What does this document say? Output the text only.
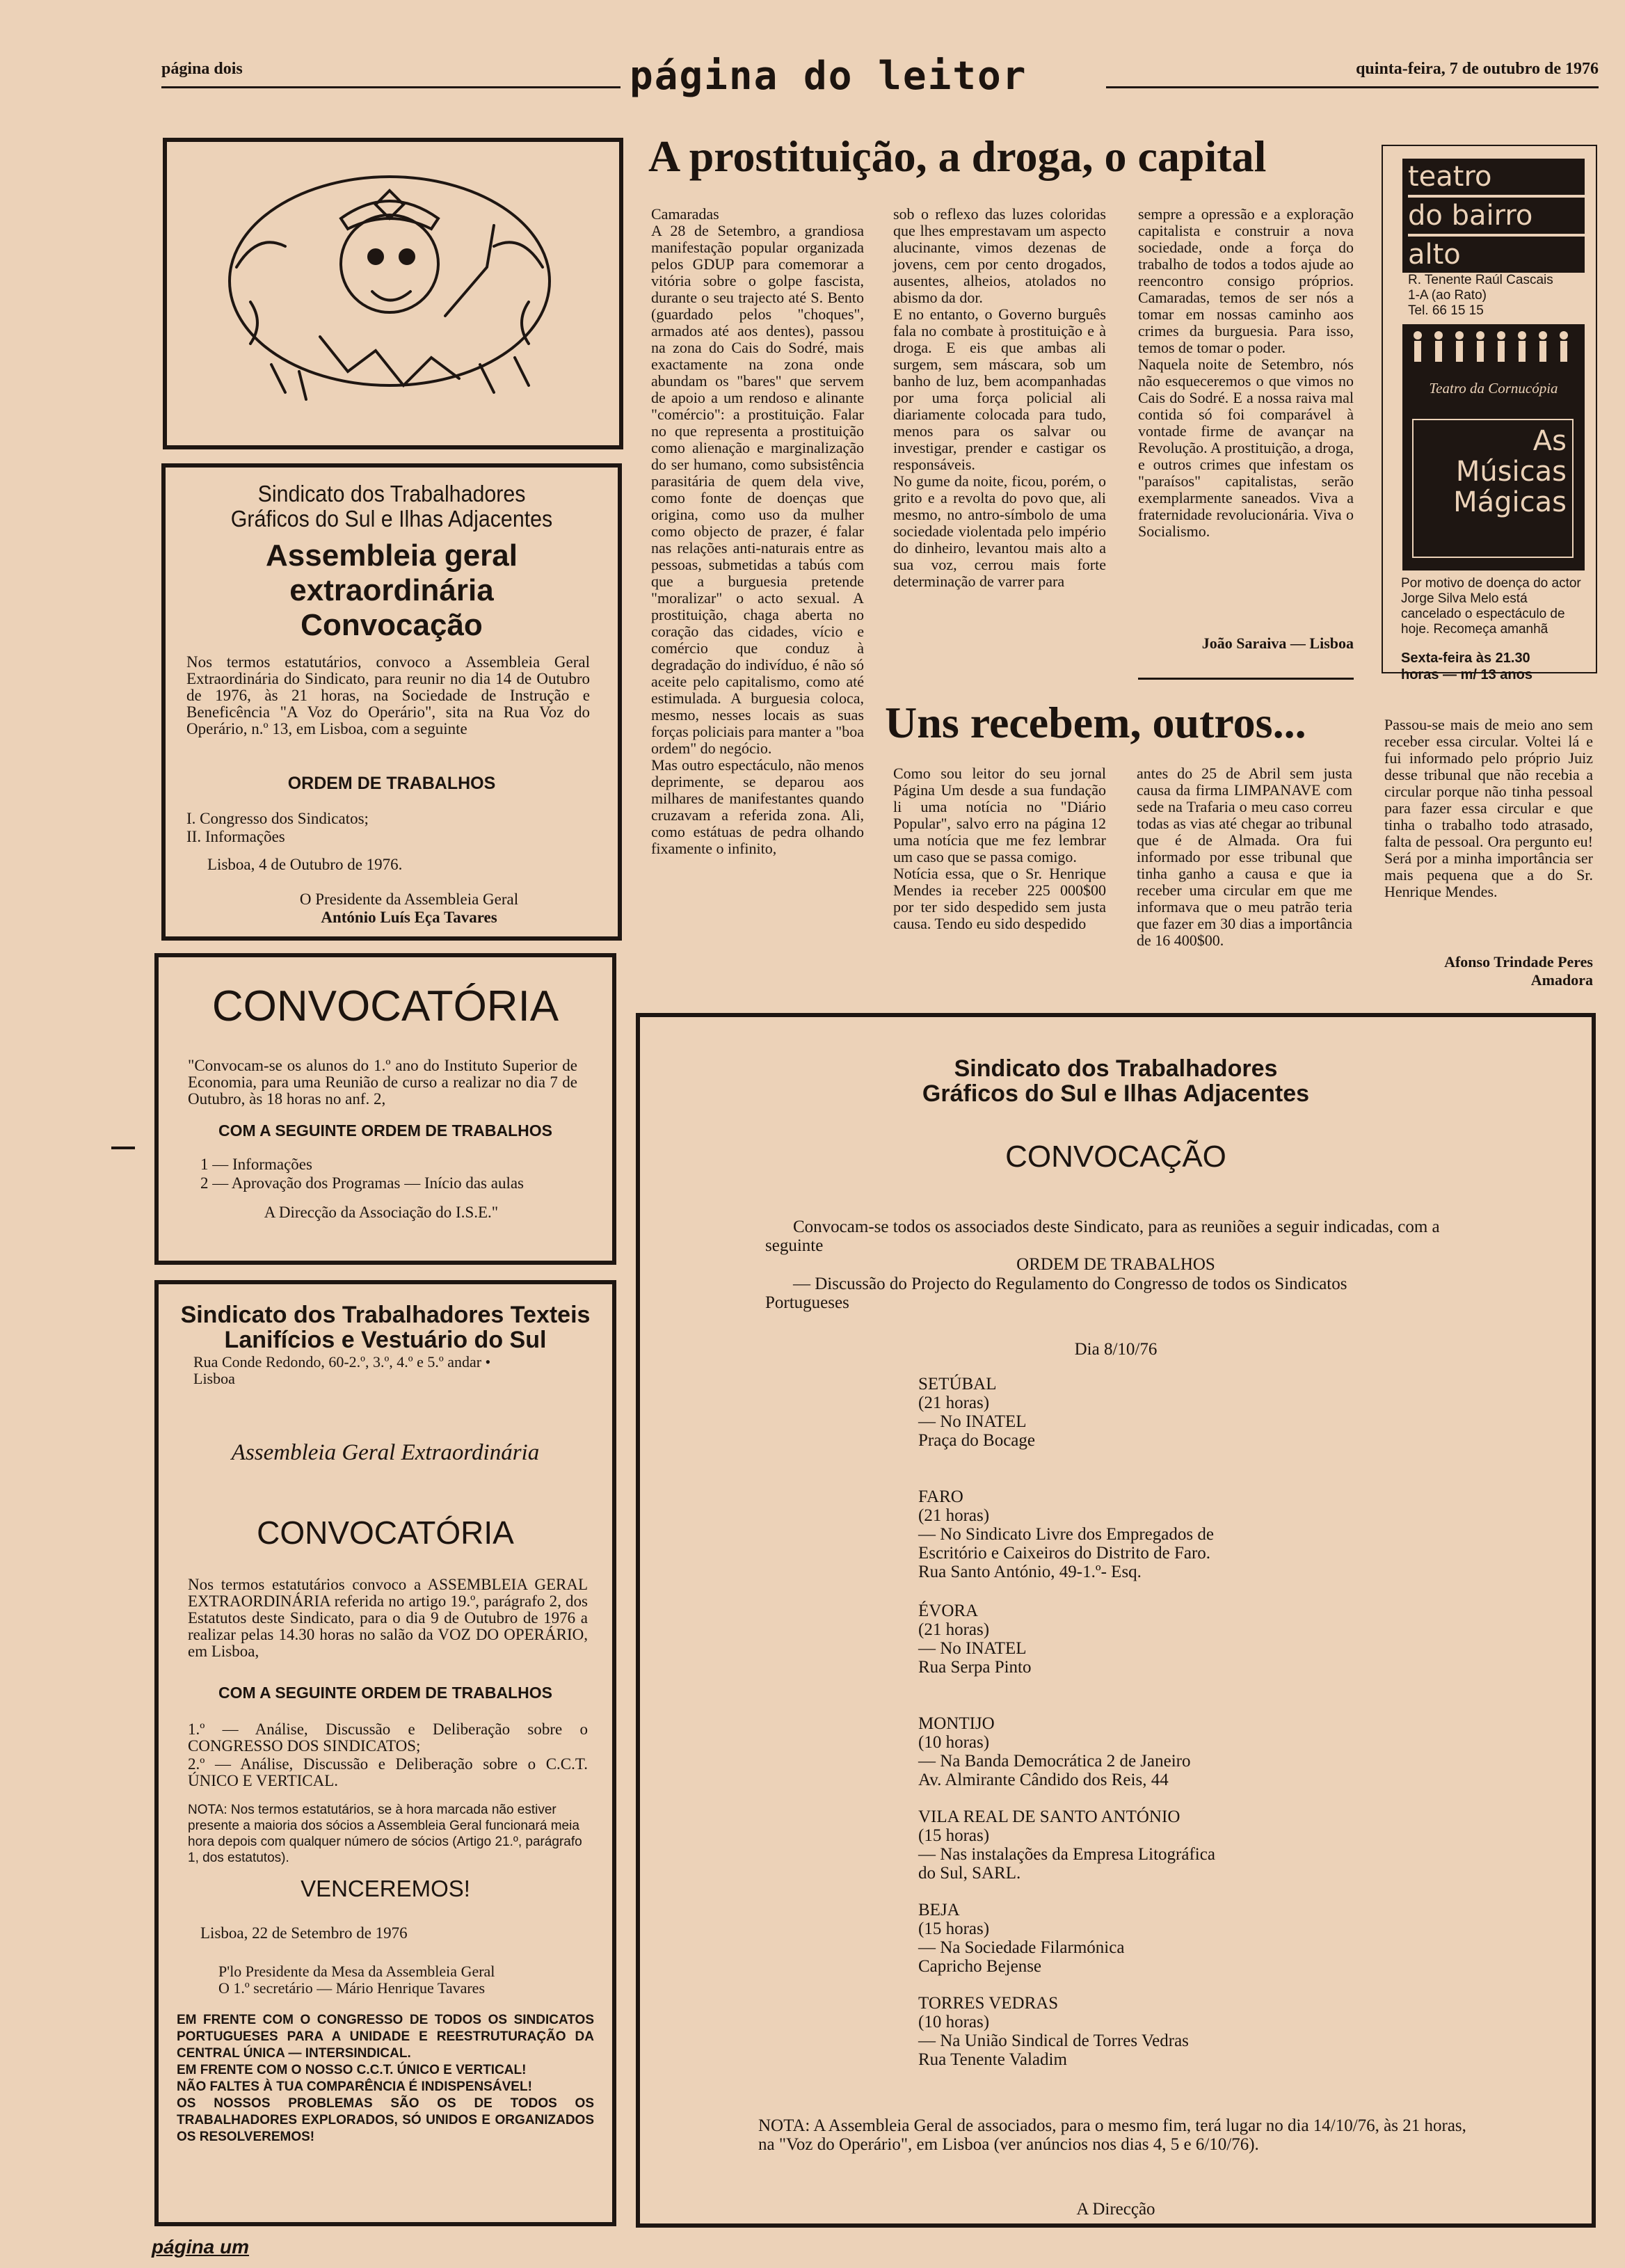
página dois	página do leitor	quinta-feira, 7 de outubro de 1976
Sindicato dos Trabalhadores
Gráficos do Sul e Ilhas Adjacentes
Assembleia geral
extraordinária
Convocação
Nos termos estatutários, convoco a Assembleia Geral Extraordinária do Sindicato, para reunir no dia 14 de Outubro de 1976, às 21 horas, na Sociedade de Instrução e Beneficência "A Voz do Operário", sita na Rua Voz do Operário, n.º 13, em Lisboa, com a seguinte
ORDEM DE TRABALHOS
I. Congresso dos Sindicatos;
II. Informações
Lisboa, 4 de Outubro de 1976.
O Presidente da Assembleia Geral
António Luís Eça Tavares
CONVOCATÓRIA
"Convocam-se os alunos do 1.º ano do Instituto Superior de Economia, para uma Reunião de curso a realizar no dia 7 de Outubro, às 18 horas no anf. 2,
COM A SEGUINTE ORDEM DE TRABALHOS
1 — Informações
2 — Aprovação dos Programas — Início das aulas
A Direcção da Associação do I.S.E."
Sindicato dos Trabalhadores Texteis
Lanifícios e Vestuário do Sul
Rua Conde Redondo, 60-2.º, 3.º, 4.º e 5.º andar •
Lisboa
Assembleia Geral Extraordinária
CONVOCATÓRIA
Nos termos estatutários convoco a ASSEMBLEIA GERAL EXTRAORDINÁRIA referida no artigo 19.º, parágrafo 2, dos Estatutos deste Sindicato, para o dia 9 de Outubro de 1976 a realizar pelas 14.30 horas no salão da VOZ DO OPERÁRIO, em Lisboa,
COM A SEGUINTE ORDEM DE TRABALHOS
1.º — Análise, Discussão e Deliberação sobre o CONGRESSO DOS SINDICATOS;
2.º — Análise, Discussão e Deliberação sobre o C.C.T. ÚNICO E VERTICAL.
NOTA: Nos termos estatutários, se à hora marcada não estiver presente a maioria dos sócios a Assembleia Geral funcionará meia hora depois com qualquer número de sócios (Artigo 21.º, parágrafo 1, dos estatutos).
VENCEREMOS!
Lisboa, 22 de Setembro de 1976
P'lo Presidente da Mesa da Assembleia Geral
O 1.º secretário — Mário Henrique Tavares
EM FRENTE COM O CONGRESSO DE TODOS OS SINDICATOS PORTUGUESES PARA A UNIDADE E REESTRUTURAÇÃO DA CENTRAL ÚNICA — INTERSINDICAL.
EM FRENTE COM O NOSSO C.C.T. ÚNICO E VERTICAL!
NÃO FALTES À TUA COMPARÊNCIA É INDISPENSÁVEL!
OS NOSSOS PROBLEMAS SÃO OS DE TODOS OS TRABALHADORES EXPLORADOS, SÓ UNIDOS E ORGANIZADOS OS RESOLVEREMOS!
página um
A prostituição, a droga, o capital
Camaradas
A 28 de Setembro, a grandiosa manifestação popular organizada pelos GDUP para comemorar a vitória sobre o golpe fascista, durante o seu trajecto até S. Bento (guardado pelos "choques", armados até aos dentes), passou na zona do Cais do Sodré, mais exactamente na zona onde abundam os "bares" que servem de apoio a um rendoso e alinante "comércio": a prostituição. Falar no que representa a prostituição como alienação e marginalização do ser humano, como subsistência parasitária de quem dela vive, como fonte de doenças que origina, como uso da mulher como objecto de prazer, é falar nas relações anti-naturais entre as pessoas, submetidas a tabús com que a burguesia pretende "moralizar" o acto sexual. A prostituição, chaga aberta no coração das cidades, vício e comércio que conduz à degradação do indivíduo, é não só aceite pelo capitalismo, como até estimulada. A burguesia coloca, mesmo, nesses locais as suas forças policiais para manter a "boa ordem" do negócio.
Mas outro espectáculo, não menos deprimente, se deparou aos milhares de manifestantes quando cruzavam a referida zona. Ali, como estátuas de pedra olhando fixamente o infinito,
sob o reflexo das luzes coloridas que lhes emprestavam um aspecto alucinante, vimos dezenas de jovens, cem por cento drogados, ausentes, alheios, atolados no abismo da dor.
E no entanto, o Governo burguês fala no combate à prostituição e à droga. E eis que ambas ali surgem, sem máscara, sob um banho de luz, bem acompanhadas por uma força policial ali diariamente colocada para tudo, menos para os salvar ou investigar, prender e castigar os responsáveis.
No gume da noite, ficou, porém, o grito e a revolta do povo que, ali mesmo, no antro-símbolo de uma sociedade violentada pelo império do dinheiro, levantou mais alto a sua voz, cerrou mais forte determinação de varrer para
sempre a opressão e a exploração capitalista e construir a nova sociedade, onde a força do trabalho de todos a todos ajude ao reencontro consigo próprios. Camaradas, temos de ser nós a tomar em nossas caminho aos crimes da burguesia. Para isso, temos de tomar o poder.
Naquela noite de Setembro, nós não esqueceremos o que vimos no Cais do Sodré. E a nossa raiva mal contida só foi comparável à vontade firme de avançar na Revolução. A prostituição, a droga, e outros crimes que infestam os "paraísos" capitalistas, serão exemplarmente saneados. Viva a fraternidade revolucionária. Viva o Socialismo.
João Saraiva — Lisboa
teatro
do bairro
alto
R. Tenente Raúl Cascais
1-A (ao Rato)
Tel. 66 15 15
Teatro da Cornucópia
As
Músicas
Mágicas
Por motivo de doença do actor Jorge Silva Melo está cancelado o espectáculo de hoje. Recomeça amanhã
Sexta-feira às 21.30
horas — m/ 13 anos
Uns recebem, outros...
Como sou leitor do seu jornal Página Um desde a sua fundação li uma notícia no "Diário Popular", salvo erro na página 12 uma notícia que me fez lembrar um caso que se passa comigo.
Notícia essa, que o Sr. Henrique Mendes ia receber 225 000$00 por ter sido despedido sem justa causa. Tendo eu sido despedido
antes do 25 de Abril sem justa causa da firma LIMPANAVE com sede na Trafaria o meu caso correu todas as vias até chegar ao tribunal que é de Almada. Ora fui informado por esse tribunal que tinha ganho a causa e que ia receber uma circular em que me informava que o meu patrão teria que fazer em 30 dias a importância de 16 400$00.
Passou-se mais de meio ano sem receber essa circular. Voltei lá e fui informado pelo próprio Juiz desse tribunal que não recebia a circular porque não tinha pessoal para fazer essa circular e que tinha o trabalho todo atrasado, falta de pessoal. Ora pergunto eu! Será por a minha importância ser mais pequena que a do Sr. Henrique Mendes.
Afonso Trindade Peres
Amadora
Sindicato dos Trabalhadores
Gráficos do Sul e Ilhas Adjacentes
CONVOCAÇÃO
Convocam-se todos os associados deste Sindicato, para as reuniões a seguir indicadas, com a seguinte
ORDEM DE TRABALHOS
— Discussão do Projecto do Regulamento do Congresso de todos os Sindicatos Portugueses
Dia 8/10/76
SETÚBAL
(21 horas)
— No INATEL
Praça do Bocage
FARO
(21 horas)
— No Sindicato Livre dos Empregados de
Escritório e Caixeiros do Distrito de Faro.
Rua Santo António, 49-1.º- Esq.
ÉVORA
(21 horas)
— No INATEL
Rua Serpa Pinto
MONTIJO
(10 horas)
— Na Banda Democrática 2 de Janeiro
Av. Almirante Cândido dos Reis, 44
VILA REAL DE SANTO ANTÓNIO
(15 horas)
— Nas instalações da Empresa Litográfica
do Sul, SARL.
BEJA
(15 horas)
— Na Sociedade Filarmónica
Capricho Bejense
TORRES VEDRAS
(10 horas)
— Na União Sindical de Torres Vedras
Rua Tenente Valadim
NOTA: A Assembleia Geral de associados, para o mesmo fim, terá lugar no dia 14/10/76, às 21 horas, na "Voz do Operário", em Lisboa (ver anúncios nos dias 4, 5 e 6/10/76).
A Direcção
